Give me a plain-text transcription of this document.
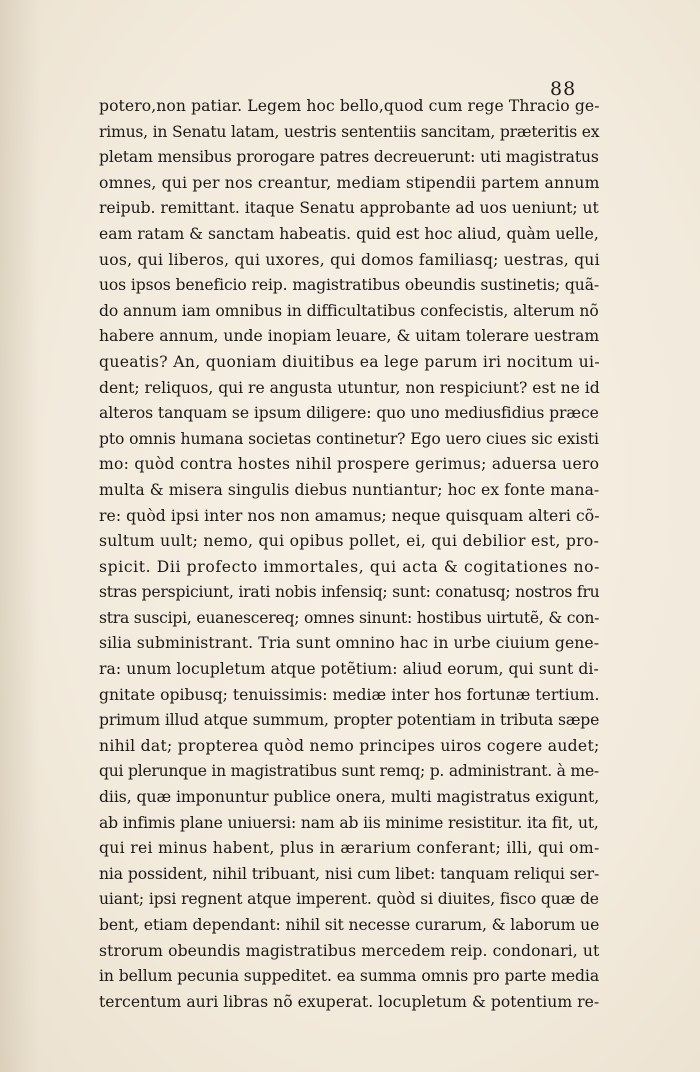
88

potero,non patiar. Legem hoc bello,quod cum rege Thracio ge-
rimus, in Senatu latam, uestris sententiis sancitam, præteritis ex
pletam mensibus prorogare patres decreuerunt: uti magistratus
omnes, qui per nos creantur, mediam stipendii partem annum
reipub. remittant. itaque Senatu approbante ad uos ueniunt; ut
eam ratam & sanctam habeatis. quid est hoc aliud, quàm uelle,
uos, qui liberos, qui uxores, qui domos familiasq; uestras, qui
uos ipsos beneficio reip. magistratibus obeundis sustinetis; quã-
do annum iam omnibus in difficultatibus confecistis, alterum nõ
habere annum, unde inopiam leuare, & uitam tolerare uestram
queatis? An, quoniam diuitibus ea lege parum iri nocitum ui-
dent; reliquos, qui re angusta utuntur, non respiciunt? est ne id
alteros tanquam se ipsum diligere: quo uno mediusfidius præce
pto omnis humana societas continetur? Ego uero ciues sic existi
mo: quòd contra hostes nihil prospere gerimus; aduersa uero
multa & misera singulis diebus nuntiantur; hoc ex fonte mana-
re: quòd ipsi inter nos non amamus; neque quisquam alteri cõ-
sultum uult; nemo, qui opibus pollet, ei, qui debilior est, pro-
spicit. Dii profecto immortales, qui acta & cogitationes no-
stras perspiciunt, irati nobis infensiq; sunt: conatusq; nostros fru
stra suscipi, euanescereq; omnes sinunt: hostibus uirtutẽ, & con-
silia subministrant. Tria sunt omnino hac in urbe ciuium gene-
ra: unum locupletum atque potẽtium: aliud eorum, qui sunt di-
gnitate opibusq; tenuissimis: mediæ inter hos fortunæ tertium.
primum illud atque summum, propter potentiam in tributa sæpe
nihil dat; propterea quòd nemo principes uiros cogere audet;
qui plerunque in magistratibus sunt remq; p. administrant. à me-
diis, quæ imponuntur publice onera, multi magistratus exigunt,
ab infimis plane uniuersi: nam ab iis minime resistitur. ita fit, ut,
qui rei minus habent, plus in ærarium conferant; illi, qui om-
nia possident, nihil tribuant, nisi cum libet: tanquam reliqui ser-
uiant; ipsi regnent atque imperent. quòd si diuites, fisco quæ de
bent, etiam dependant: nihil sit necesse curarum, & laborum ue
strorum obeundis magistratibus mercedem reip. condonari, ut
in bellum pecunia suppeditet. ea summa omnis pro parte media
tercentum auri libras nõ exuperat. locupletum & potentium re-
